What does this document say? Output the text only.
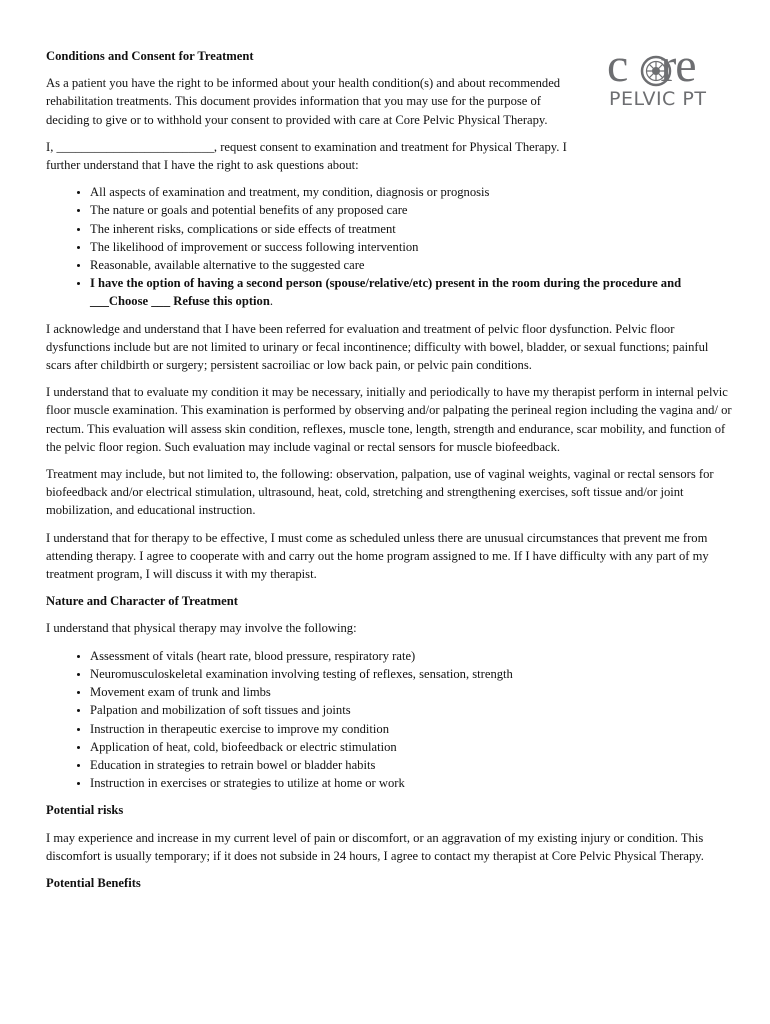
c re
PELVIC PT
Conditions and Consent for Treatment

As a patient you have the right to be informed about your health condition(s) and about recommended rehabilitation treatments. This document provides information that you may use for the purpose of deciding to give or to withhold your consent to provided with care at Core Pelvic Physical Therapy.

I, _________________________, request consent to examination and treatment for Physical Therapy. I further understand that I have the right to ask questions about:

• All aspects of examination and treatment, my condition, diagnosis or prognosis
• The nature or goals and potential benefits of any proposed care
• The inherent risks, complications or side effects of treatment
• The likelihood of improvement or success following intervention
• Reasonable, available alternative to the suggested care
• I have the option of having a second person (spouse/relative/etc) present in the room during the procedure and ___Choose ___ Refuse this option.

I acknowledge and understand that I have been referred for evaluation and treatment of pelvic floor dysfunction. Pelvic floor dysfunctions include but are not limited to urinary or fecal incontinence; difficulty with bowel, bladder, or sexual functions; painful scars after childbirth or surgery; persistent sacroiliac or low back pain, or pelvic pain conditions.

I understand that to evaluate my condition it may be necessary, initially and periodically to have my therapist perform in internal pelvic floor muscle examination. This examination is performed by observing and/or palpating the perineal region including the vagina and/ or rectum. This evaluation will assess skin condition, reflexes, muscle tone, length, strength and endurance, scar mobility, and function of the pelvic floor region. Such evaluation may include vaginal or rectal sensors for muscle biofeedback.

Treatment may include, but not limited to, the following: observation, palpation, use of vaginal weights, vaginal or rectal sensors for biofeedback and/or electrical stimulation, ultrasound, heat, cold, stretching and strengthening exercises, soft tissue and/or joint mobilization, and educational instruction.

I understand that for therapy to be effective, I must come as scheduled unless there are unusual circumstances that prevent me from attending therapy. I agree to cooperate with and carry out the home program assigned to me. If I have difficulty with any part of my treatment program, I will discuss it with my therapist.

Nature and Character of Treatment

I understand that physical therapy may involve the following:

• Assessment of vitals (heart rate, blood pressure, respiratory rate)
• Neuromusculoskeletal examination involving testing of reflexes, sensation, strength
• Movement exam of trunk and limbs
• Palpation and mobilization of soft tissues and joints
• Instruction in therapeutic exercise to improve my condition
• Application of heat, cold, biofeedback or electric stimulation
• Education in strategies to retrain bowel or bladder habits
• Instruction in exercises or strategies to utilize at home or work
Potential risks

I may experience and increase in my current level of pain or discomfort, or an aggravation of my existing injury or condition. This discomfort is usually temporary; if it does not subside in 24 hours, I agree to contact my therapist at Core Pelvic Physical Therapy.

Potential Benefits
